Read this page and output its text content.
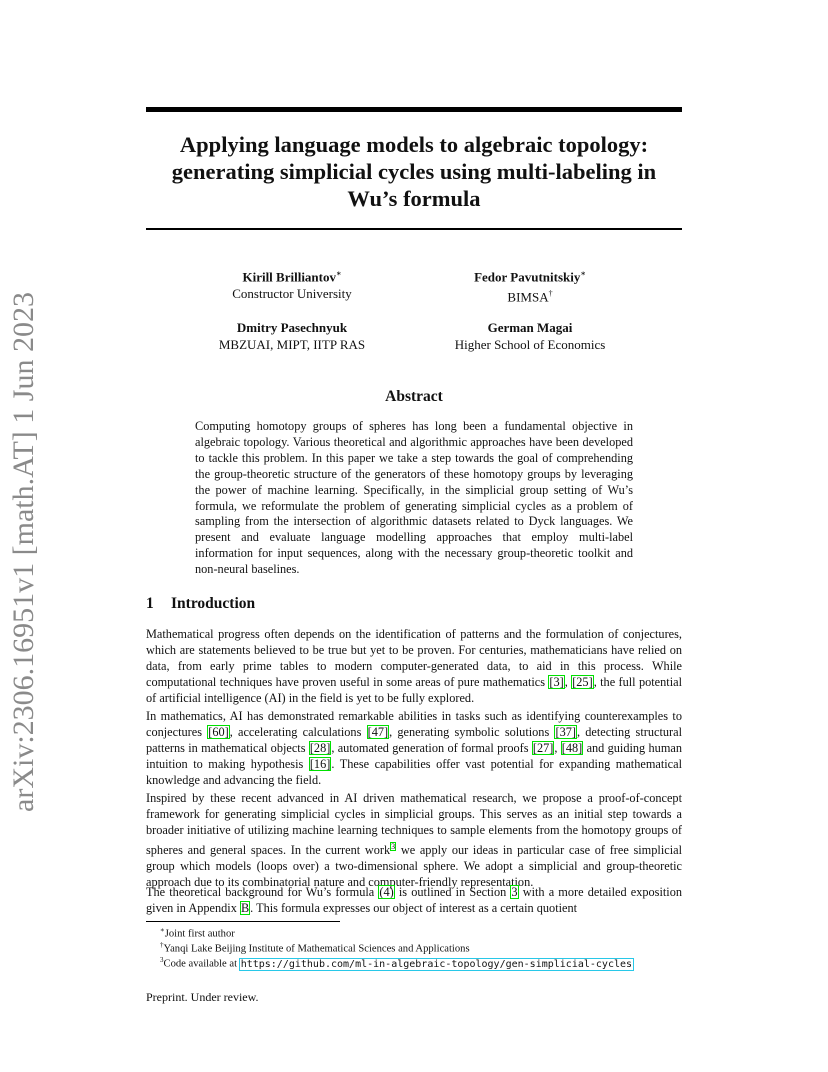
arXiv:2306.16951v1 [math.AT] 1 Jun 2023
Applying language models to algebraic topology:
generating simplicial cycles using multi-labeling in
Wu’s formula
Kirill Brilliantov∗
Constructor University
Fedor Pavutnitskiy∗
BIMSA†
Dmitry Pasechnyuk
MBZUAI, MIPT, IITP RAS
German Magai
Higher School of Economics
Abstract
Computing homotopy groups of spheres has long been a fundamental objective in algebraic topology. Various theoretical and algorithmic approaches have been developed to tackle this problem. In this paper we take a step towards the goal of comprehending the group-theoretic structure of the generators of these homotopy groups by leveraging the power of machine learning. Specifically, in the simplicial group setting of Wu’s formula, we reformulate the problem of generating simplicial cycles as a problem of sampling from the intersection of algorithmic datasets related to Dyck languages. We present and evaluate language modelling approaches that employ multi-label information for input sequences, along with the necessary group-theoretic toolkit and non-neural baselines.
1 Introduction
Mathematical progress often depends on the identification of patterns and the formulation of conjectures, which are statements believed to be true but yet to be proven. For centuries, mathematicians have relied on data, from early prime tables to modern computer-generated data, to aid in this process. While computational techniques have proven useful in some areas of pure mathematics [3], [25], the full potential of artificial intelligence (AI) in the field is yet to be fully explored.
In mathematics, AI has demonstrated remarkable abilities in tasks such as identifying counterexamples to conjectures [60], accelerating calculations [47], generating symbolic solutions [37], detecting structural patterns in mathematical objects [28], automated generation of formal proofs [27], [48] and guiding human intuition to making hypothesis [16]. These capabilities offer vast potential for expanding mathematical knowledge and advancing the field.
Inspired by these recent advanced in AI driven mathematical research, we propose a proof-of-concept framework for generating simplicial cycles in simplicial groups. This serves as an initial step towards a broader initiative of utilizing machine learning techniques to sample elements from the homotopy groups of spheres and general spaces. In the current work$^3$ we apply our ideas in particular case of free simplicial group which models (loops over) a two-dimensional sphere. We adopt a simplicial and group-theoretic approach due to its combinatorial nature and computer-friendly representation.
The theoretical background for Wu’s formula (4) is outlined in Section 3 with a more detailed exposition given in Appendix B. This formula expresses our object of interest as a certain quotient
∗Joint first author
†Yanqi Lake Beijing Institute of Mathematical Sciences and Applications
$^3$Code available at https://github.com/ml-in-algebraic-topology/gen-simplicial-cycles
Preprint. Under review.
